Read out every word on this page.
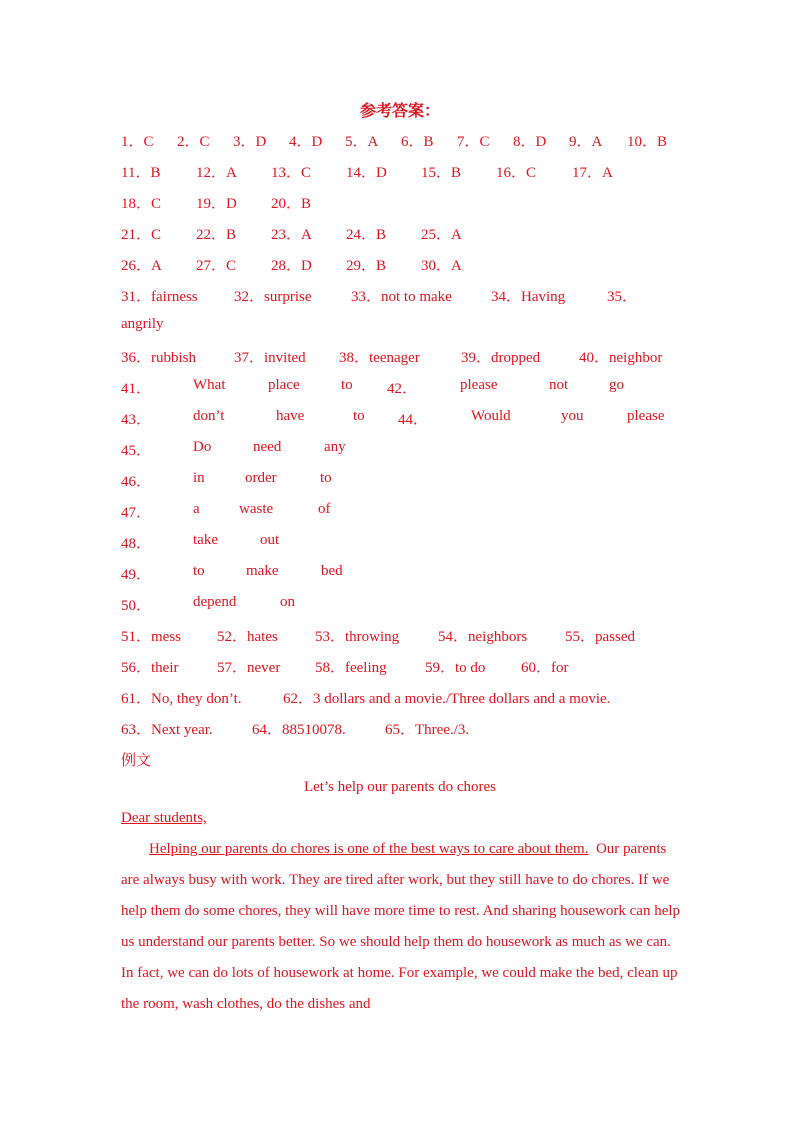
参考答案：
1．C 2．C 3．D 4．D 5．A 6．B 7．C 8．D 9．A 10．B
11．B 12．A 13．C 14．D 15．B 16．C 17．A
18．C 19．D 20．B
21．C 22．B 23．A 24．B 25．A
26．A 27．C 28．D 29．B 30．A
31．fairness 32．surprise	33．not to make	34．Having	35．
angrily
36．rubbish	37．invited 38．teenager	39．dropped	40．neighbor
41．	What	place	to 42．	please	not	go
43．	don’t	have	to 44．	Would	you	please
45．	Do	need	any
46．	in	order	to
47．	a	waste	of
48．	take	out
49．	to	make	bed
50．	depend	on
51．mess 52．hates 53．throwing	54．neighbors	55．passed
56．their	57．never 58．feeling	59．to do 60．for
61．No, they don’t.	62．3 dollars and a movie./Three dollars and a movie.
63．Next year.	64．88510078.	65．Three./3.
例文
Let’s help our parents do chores
Dear students,
Helping our parents do chores is one of the best ways to care about them. Our parents are always busy with work. They are tired after work, but they still have to do chores. If we help them do some chores, they will have more time to rest. And sharing housework can help us understand our parents better. So we should help them do housework as much as we can. In fact, we can do lots of housework at home. For example, we could make the bed, clean up the room, wash clothes, do the dishes and
